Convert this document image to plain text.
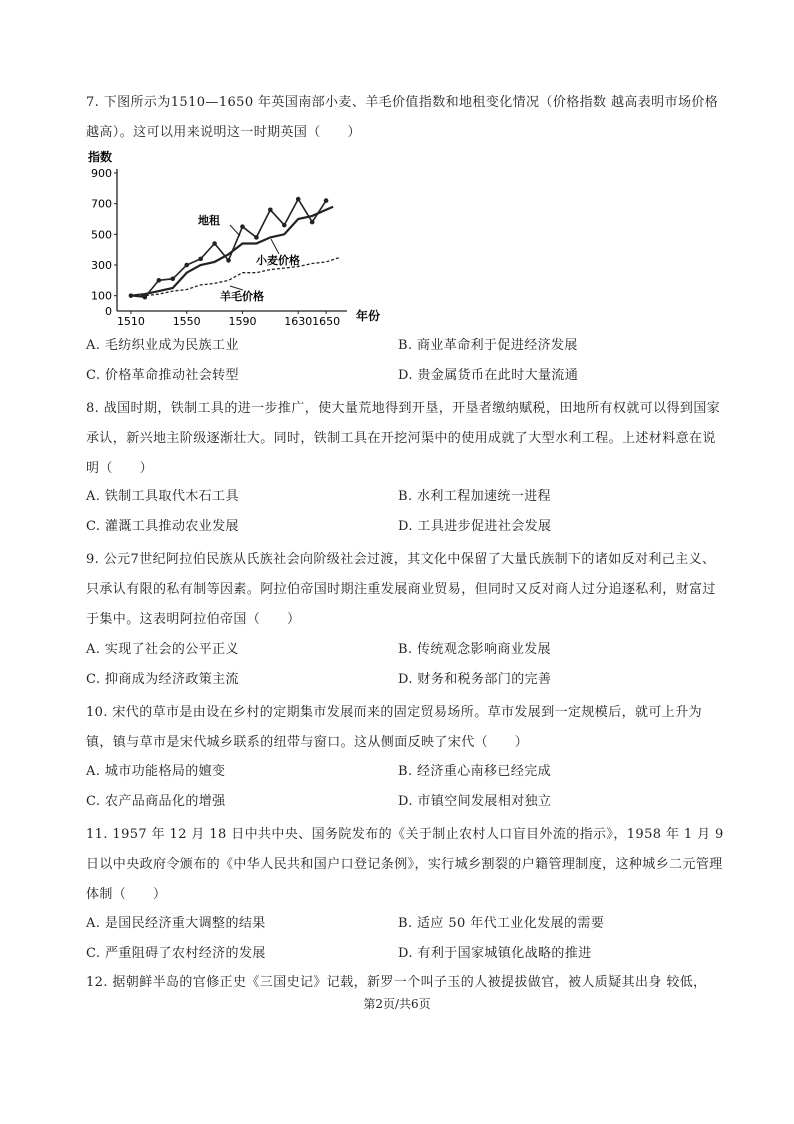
7. 下图所示为1510—1650 年英国南部小麦、羊毛价值指数和地租变化情况（价格指数 越高表明市场价格越高）。这可以用来说明这一时期英国（　　）
0
100
300
500
700
900
1510	1550	1590	1630 1650
指数
年份
地租
小麦价格
羊毛价格
A. 毛纺织业成为民族工业	B. 商业革命利于促进经济发展
C. 价格革命推动社会转型	D. 贵金属货币在此时大量流通
8. 战国时期，铁制工具的进一步推广，使大量荒地得到开垦，开垦者缴纳赋税，田地所有权就可以得到国家承认，新兴地主阶级逐渐壮大。同时，铁制工具在开挖河渠中的使用成就了大型水利工程。上述材料意在说明（　　）
A. 铁制工具取代木石工具	B. 水利工程加速统一进程
C. 灌溉工具推动农业发展	D. 工具进步促进社会发展
9. 公元7世纪阿拉伯民族从氏族社会向阶级社会过渡，其文化中保留了大量氏族制下的诸如反对利己主义、只承认有限的私有制等因素。阿拉伯帝国时期注重发展商业贸易，但同时又反对商人过分追逐私利，财富过于集中。这表明阿拉伯帝国（　　）
A. 实现了社会的公平正义	B. 传统观念影响商业发展
C. 抑商成为经济政策主流	D. 财务和税务部门的完善
10. 宋代的草市是由设在乡村的定期集市发展而来的固定贸易场所。草市发展到一定规模后，就可上升为镇，镇与草市是宋代城乡联系的纽带与窗口。这从侧面反映了宋代（　　）
A. 城市功能格局的嬗变	B. 经济重心南移已经完成
C. 农产品商品化的增强	D. 市镇空间发展相对独立
11. 1957 年 12 月 18 日中共中央、国务院发布的《关于制止农村人口盲目外流的指示》，1958 年 1 月 9 日以中央政府令颁布的《中华人民共和国户口登记条例》，实行城乡割裂的户籍管理制度，这种城乡二元管理体制（　　）
A. 是国民经济重大调整的结果	B. 适应 50 年代工业化发展的需要
C. 严重阻碍了农村经济的发展	D. 有利于国家城镇化战略的推进
12. 据朝鲜半岛的官修正史《三国史记》记载，新罗一个叫子玉的人被提拔做官，被人质疑其出身 较低，
第2页/共6页
